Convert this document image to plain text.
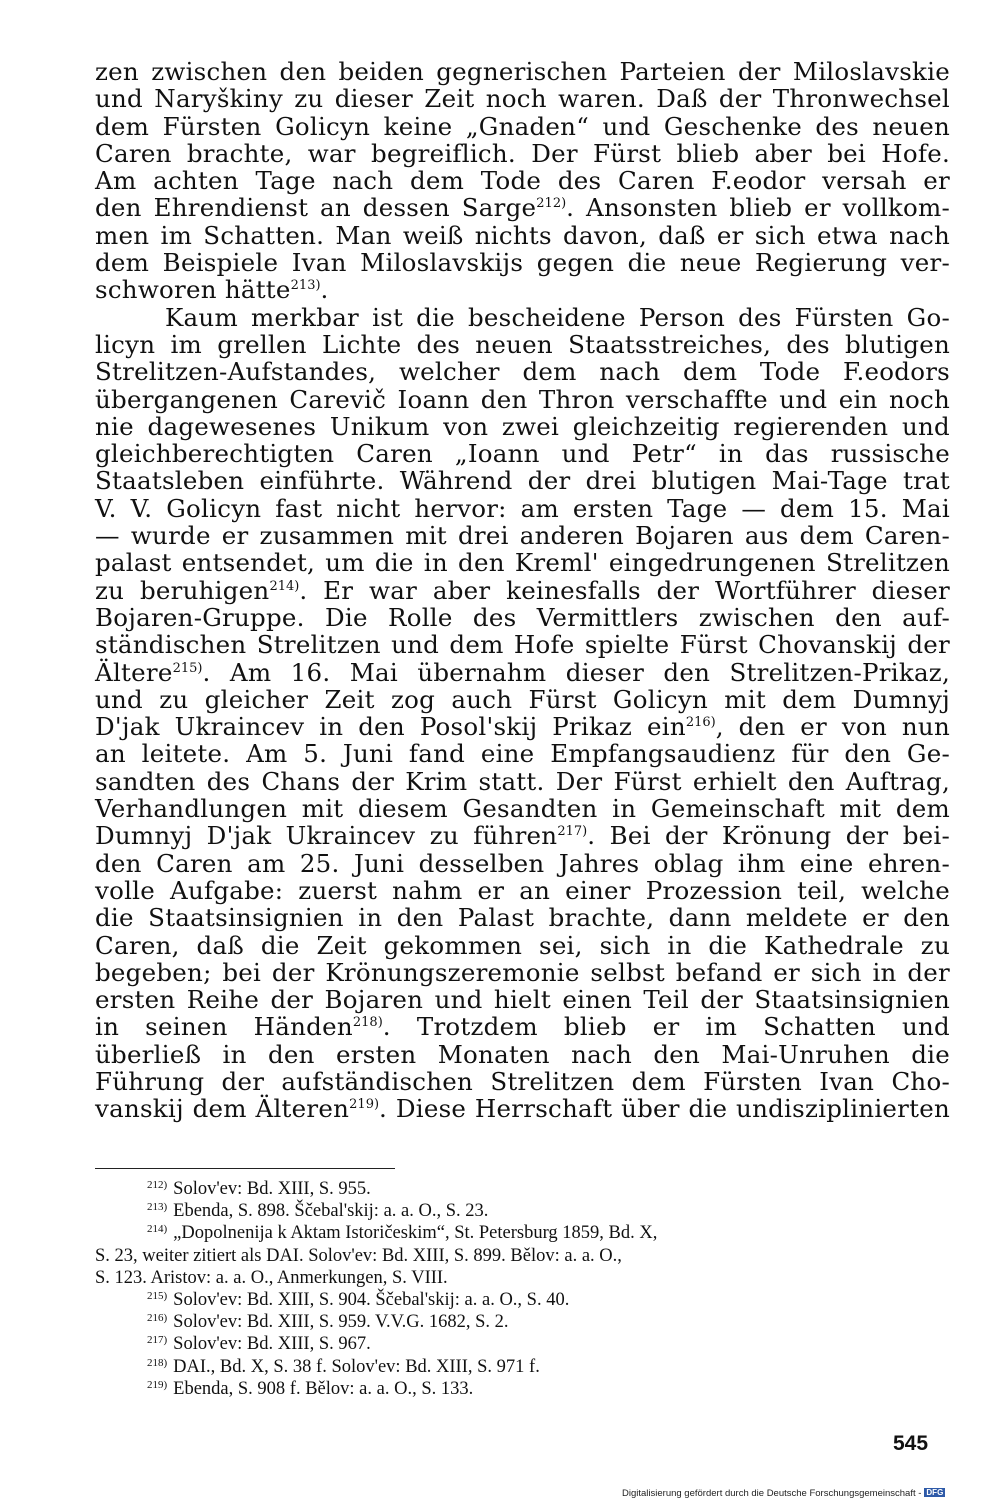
zen zwischen den beiden gegnerischen Parteien der Miloslavskie
und Naryškiny zu dieser Zeit noch waren. Daß der Thronwechsel
dem Fürsten Golicyn keine „Gnaden“ und Geschenke des neuen
Caren brachte, war begreiflich. Der Fürst blieb aber bei Hofe.
Am achten Tage nach dem Tode des Caren F.eodor versah er
den Ehrendienst an dessen Sarge$^{212)}$. Ansonsten blieb er vollkom-
men im Schatten. Man weiß nichts davon, daß er sich etwa nach
dem Beispiele Ivan Miloslavskijs gegen die neue Regierung ver-
schworen hätte$^{213)}$.
Kaum merkbar ist die bescheidene Person des Fürsten Go-
licyn im grellen Lichte des neuen Staatsstreiches, des blutigen
Strelitzen-Aufstandes, welcher dem nach dem Tode F.eodors
übergangenen Carevič Ioann den Thron verschaffte und ein noch
nie dagewesenes Unikum von zwei gleichzeitig regierenden und
gleichberechtigten Caren „Ioann und Petr“ in das russische
Staatsleben einführte. Während der drei blutigen Mai-Tage trat
V. V. Golicyn fast nicht hervor: am ersten Tage — dem 15. Mai
— wurde er zusammen mit drei anderen Bojaren aus dem Caren-
palast entsendet, um die in den Kreml' eingedrungenen Strelitzen
zu beruhigen$^{214)}$. Er war aber keinesfalls der Wortführer dieser
Bojaren-Gruppe. Die Rolle des Vermittlers zwischen den auf-
ständischen Strelitzen und dem Hofe spielte Fürst Chovanskij der
Ältere$^{215)}$. Am 16. Mai übernahm dieser den Strelitzen-Prikaz,
und zu gleicher Zeit zog auch Fürst Golicyn mit dem Dumnyj
D'jak Ukraincev in den Posol'skij Prikaz ein$^{216)}$, den er von nun
an leitete. Am 5. Juni fand eine Empfangsaudienz für den Ge-
sandten des Chans der Krim statt. Der Fürst erhielt den Auftrag,
Verhandlungen mit diesem Gesandten in Gemeinschaft mit dem
Dumnyj D'jak Ukraincev zu führen$^{217)}$. Bei der Krönung der bei-
den Caren am 25. Juni desselben Jahres oblag ihm eine ehren-
volle Aufgabe: zuerst nahm er an einer Prozession teil, welche
die Staatsinsignien in den Palast brachte, dann meldete er den
Caren, daß die Zeit gekommen sei, sich in die Kathedrale zu
begeben; bei der Krönungszeremonie selbst befand er sich in der
ersten Reihe der Bojaren und hielt einen Teil der Staatsinsignien
in seinen Händen$^{218)}$. Trotzdem blieb er im Schatten und
überließ in den ersten Monaten nach den Mai-Unruhen die
Führung der aufständischen Strelitzen dem Fürsten Ivan Cho-
vanskij dem Älteren$^{219)}$. Diese Herrschaft über die undisziplinierten
$^{212)}$ Solov'ev: Bd. XIII, S. 955.
$^{213)}$ Ebenda, S. 898. Ščebal'skij: a. a. O., S. 23.
$^{214)}$ „Dopolnenija k Aktam Istoričeskim“, St. Petersburg 1859, Bd. X,
S. 23, weiter zitiert als DAI. Solov'ev: Bd. XIII, S. 899. Bělov: a. a. O.,
S. 123. Aristov: a. a. O., Anmerkungen, S. VIII.
$^{215)}$ Solov'ev: Bd. XIII, S. 904. Ščebal'skij: a. a. O., S. 40.
$^{216)}$ Solov'ev: Bd. XIII, S. 959. V.V.G. 1682, S. 2.
$^{217)}$ Solov'ev: Bd. XIII, S. 967.
$^{218)}$ DAI., Bd. X, S. 38 f. Solov'ev: Bd. XIII, S. 971 f.
$^{219)}$ Ebenda, S. 908 f. Bělov: a. a. O., S. 133.
545
Digitalisierung gefördert durch die Deutsche Forschungsgemeinschaft - DFG
